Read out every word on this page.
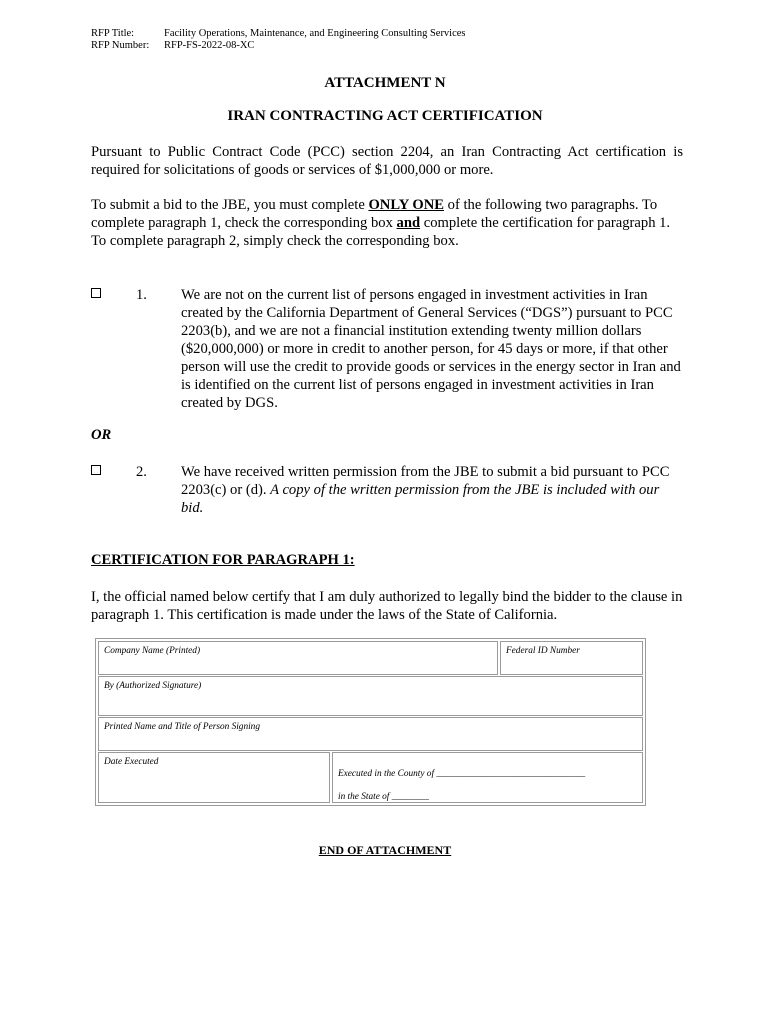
RFP Title:	Facility Operations, Maintenance, and Engineering Consulting Services
RFP Number:	RFP-FS-2022-08-XC
ATTACHMENT N
IRAN CONTRACTING ACT CERTIFICATION
Pursuant to Public Contract Code (PCC) section 2204, an Iran Contracting Act certification is required for solicitations of goods or services of $1,000,000 or more.
To submit a bid to the JBE, you must complete ONLY ONE of the following two paragraphs. To complete paragraph 1, check the corresponding box and complete the certification for paragraph 1. To complete paragraph 2, simply check the corresponding box.
1. We are not on the current list of persons engaged in investment activities in Iran created by the California Department of General Services (“DGS”) pursuant to PCC 2203(b), and we are not a financial institution extending twenty million dollars ($20,000,000) or more in credit to another person, for 45 days or more, if that other person will use the credit to provide goods or services in the energy sector in Iran and is identified on the current list of persons engaged in investment activities in Iran created by DGS.
OR
2. We have received written permission from the JBE to submit a bid pursuant to PCC 2203(c) or (d). A copy of the written permission from the JBE is included with our bid.
CERTIFICATION FOR PARAGRAPH 1:
I, the official named below certify that I am duly authorized to legally bind the bidder to the clause in paragraph 1. This certification is made under the laws of the State of California.
Company Name (Printed)	Federal ID Number
By (Authorized Signature)
Printed Name and Title of Person Signing
Date Executed
Executed in the County of ________________________________
in the State of ________
END OF ATTACHMENT
